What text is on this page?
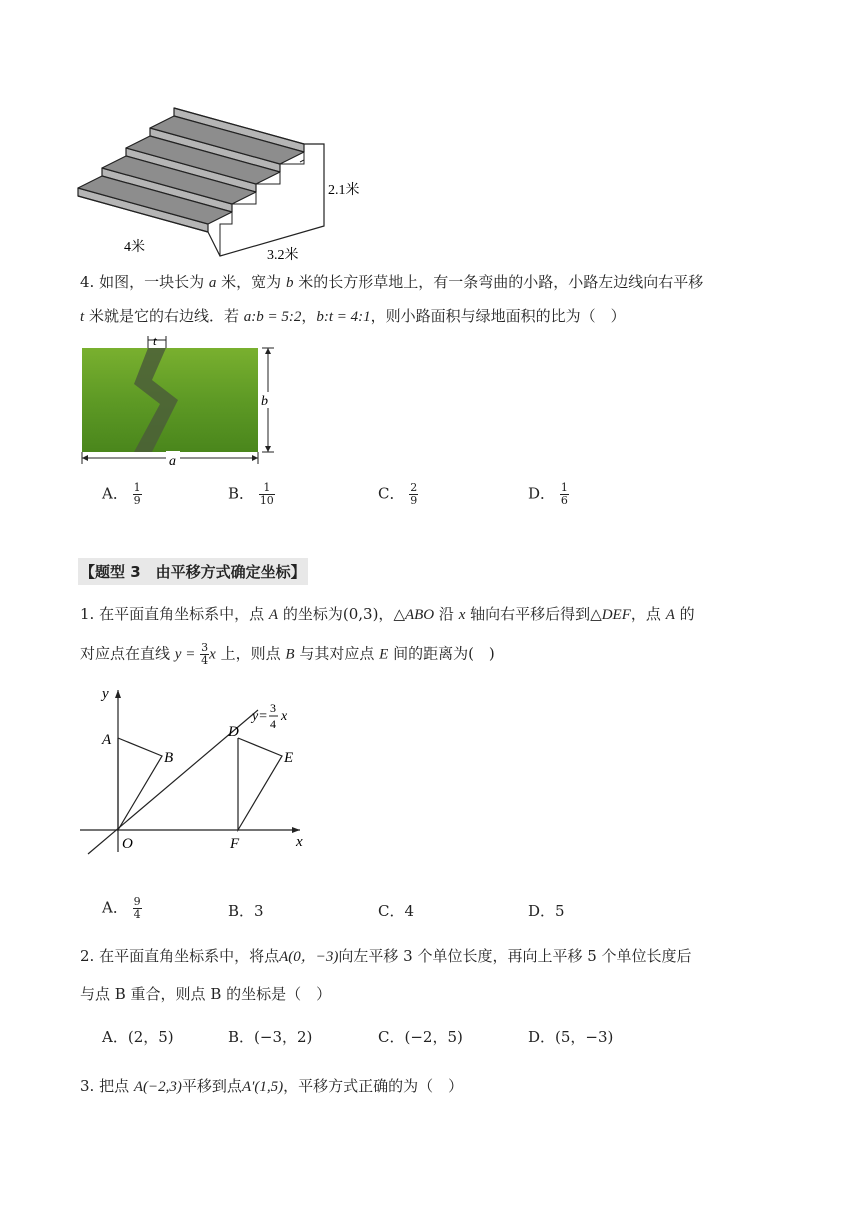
2.1米
4米
3.2米
4. 如图，一块长为 a 米，宽为 b 米的长方形草地上，有一条弯曲的小路，小路左边线向右平移
t 米就是它的右边线．若 a:b = 5:2，b:t = 4:1，则小路面积与绿地面积的比为（　）
t
b
a
A． $\frac{1}{9}$	B． $\frac{1}{10}$	C． $\frac{2}{9}$	D． $\frac{1}{6}$
【题型 3　由平移方式确定坐标】
1. 在平面直角坐标系中，点 A 的坐标为(0,3)，△ABO 沿 x 轴向右平移后得到△DEF，点 A 的
对应点在直线 $y = \frac{3}{4}$ x 上，则点 B 与其对应点 E 间的距离为(　)
y
x
A
B
O
D
E
F
y=
3
4 x
A． $\frac{9}{4}$	B．3	C．4	D．5
2. 在平面直角坐标系中，将点A(0，−3)向左平移 3 个单位长度，再向上平移 5 个单位长度后
与点 B 重合，则点 B 的坐标是（　）
A．(2，5)	B．(−3，2)	C．(−2，5)	D．(5，−3)
3. 把点 A(−2,3)平移到点A′(1,5)，平移方式正确的为（　）
